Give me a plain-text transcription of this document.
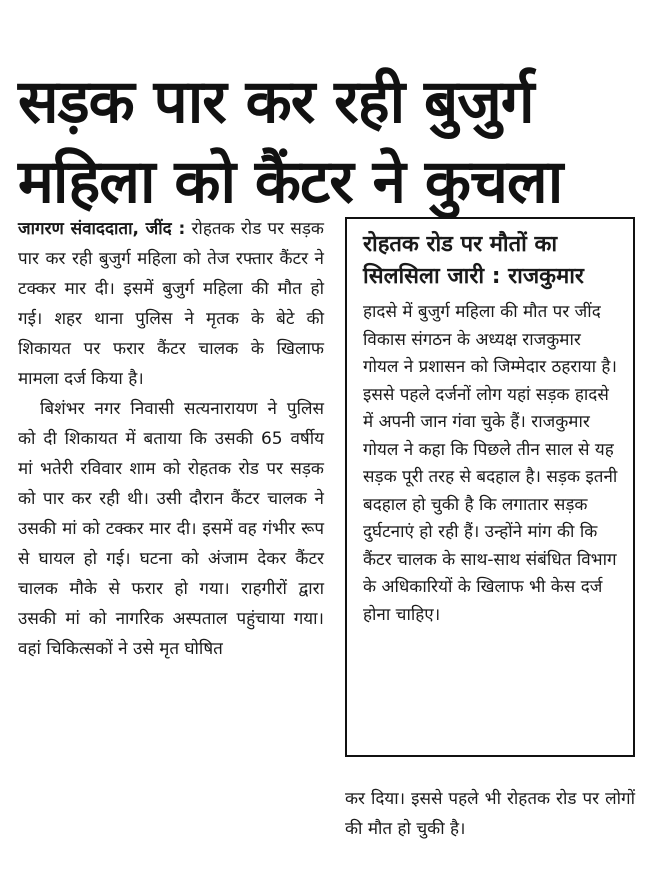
सड़क पार कर रही बुजुर्ग महिला को कैंटर ने कुचला

जागरण संवाददाता, जींद : रोहतक रोड पर सड़क पार कर रही बुजुर्ग महिला को तेज रफ्तार कैंटर ने टक्कर मार दी। इसमें बुजुर्ग महिला की मौत हो गई। शहर थाना पुलिस ने मृतक के बेटे की शिकायत पर फरार कैंटर चालक के खिलाफ मामला दर्ज किया है।

बिशंभर नगर निवासी सत्यनारायण ने पुलिस को दी शिकायत में बताया कि उसकी 65 वर्षीय मां भतेरी रविवार शाम को रोहतक रोड पर सड़क को पार कर रही थी। उसी दौरान कैंटर चालक ने उसकी मां को टक्कर मार दी। इसमें वह गंभीर रूप से घायल हो गई। घटना को अंजाम देकर कैंटर चालक मौके से फरार हो गया। राहगीरों द्वारा उसकी मां को नागरिक अस्पताल पहुंचाया गया। वहां चिकित्सकों ने उसे मृत घोषित

रोहतक रोड पर मौतों का सिलसिला जारी : राजकुमार

हादसे में बुजुर्ग महिला की मौत पर जींद विकास संगठन के अध्यक्ष राजकुमार गोयल ने प्रशासन को जिम्मेदार ठहराया है। इससे पहले दर्जनों लोग यहां सड़क हादसे में अपनी जान गंवा चुके हैं। राजकुमार गोयल ने कहा कि पिछले तीन साल से यह सड़क पूरी तरह से बदहाल है। सड़क इतनी बदहाल हो चुकी है कि लगातार सड़क दुर्घटनाएं हो रही हैं। उन्होंने मांग की कि कैंटर चालक के साथ-साथ संबंधित विभाग के अधिकारियों के खिलाफ भी केस दर्ज होना चाहिए।

कर दिया। इससे पहले भी रोहतक रोड पर लोगों की मौत हो चुकी है।
